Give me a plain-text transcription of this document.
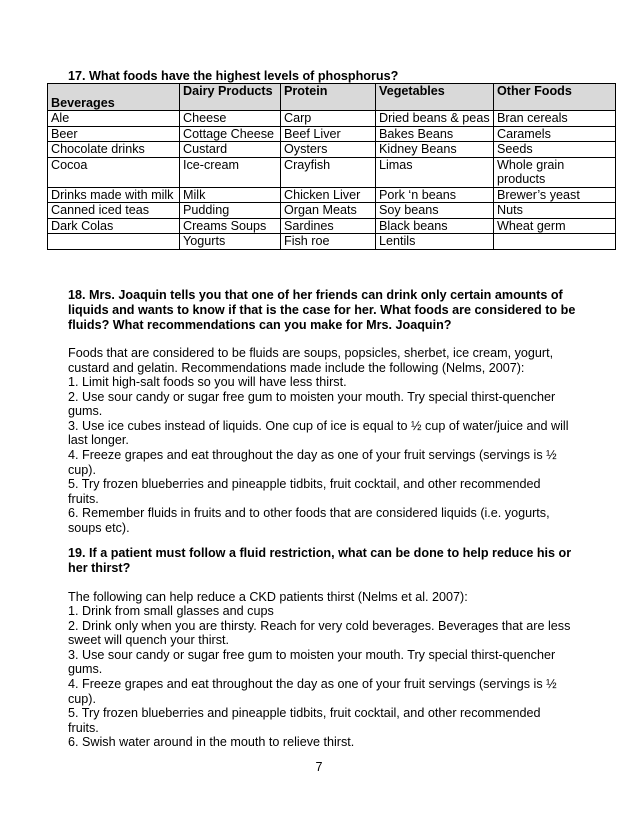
17. What foods have the highest levels of phosphorus?
Beverages	Dairy Products	Protein	Vegetables	Other Foods
Ale	Cheese	Carp	Dried beans & peas	Bran cereals
Beer	Cottage Cheese	Beef Liver	Bakes Beans	Caramels
Chocolate drinks	Custard	Oysters	Kidney Beans	Seeds
Cocoa	Ice-cream	Crayfish	Limas	Whole grain products
Drinks made with milk	Milk	Chicken Liver	Pork ‘n beans	Brewer’s yeast
Canned iced teas	Pudding	Organ Meats	Soy beans	Nuts
Dark Colas	Creams Soups	Sardines	Black beans	Wheat germ
	Yogurts	Fish roe	Lentils	
18. Mrs. Joaquin tells you that one of her friends can drink only certain amounts of liquids and wants to know if that is the case for her. What foods are considered to be fluids? What recommendations can you make for Mrs. Joaquin?
Foods that are considered to be fluids are soups, popsicles, sherbet, ice cream, yogurt, custard and gelatin. Recommendations made include the following (Nelms, 2007):
1. Limit high-salt foods so you will have less thirst.
2. Use sour candy or sugar free gum to moisten your mouth. Try special thirst-quencher gums.
3. Use ice cubes instead of liquids. One cup of ice is equal to ½ cup of water/juice and will last longer.
4. Freeze grapes and eat throughout the day as one of your fruit servings (servings is ½ cup).
5. Try frozen blueberries and pineapple tidbits, fruit cocktail, and other recommended fruits.
6. Remember fluids in fruits and to other foods that are considered liquids (i.e. yogurts, soups etc).
19. If a patient must follow a fluid restriction, what can be done to help reduce his or her thirst?
The following can help reduce a CKD patients thirst (Nelms et al. 2007):
1. Drink from small glasses and cups
2. Drink only when you are thirsty. Reach for very cold beverages. Beverages that are less sweet will quench your thirst.
3. Use sour candy or sugar free gum to moisten your mouth. Try special thirst-quencher gums.
4. Freeze grapes and eat throughout the day as one of your fruit servings (servings is ½ cup).
5. Try frozen blueberries and pineapple tidbits, fruit cocktail, and other recommended fruits.
6. Swish water around in the mouth to relieve thirst.
7
